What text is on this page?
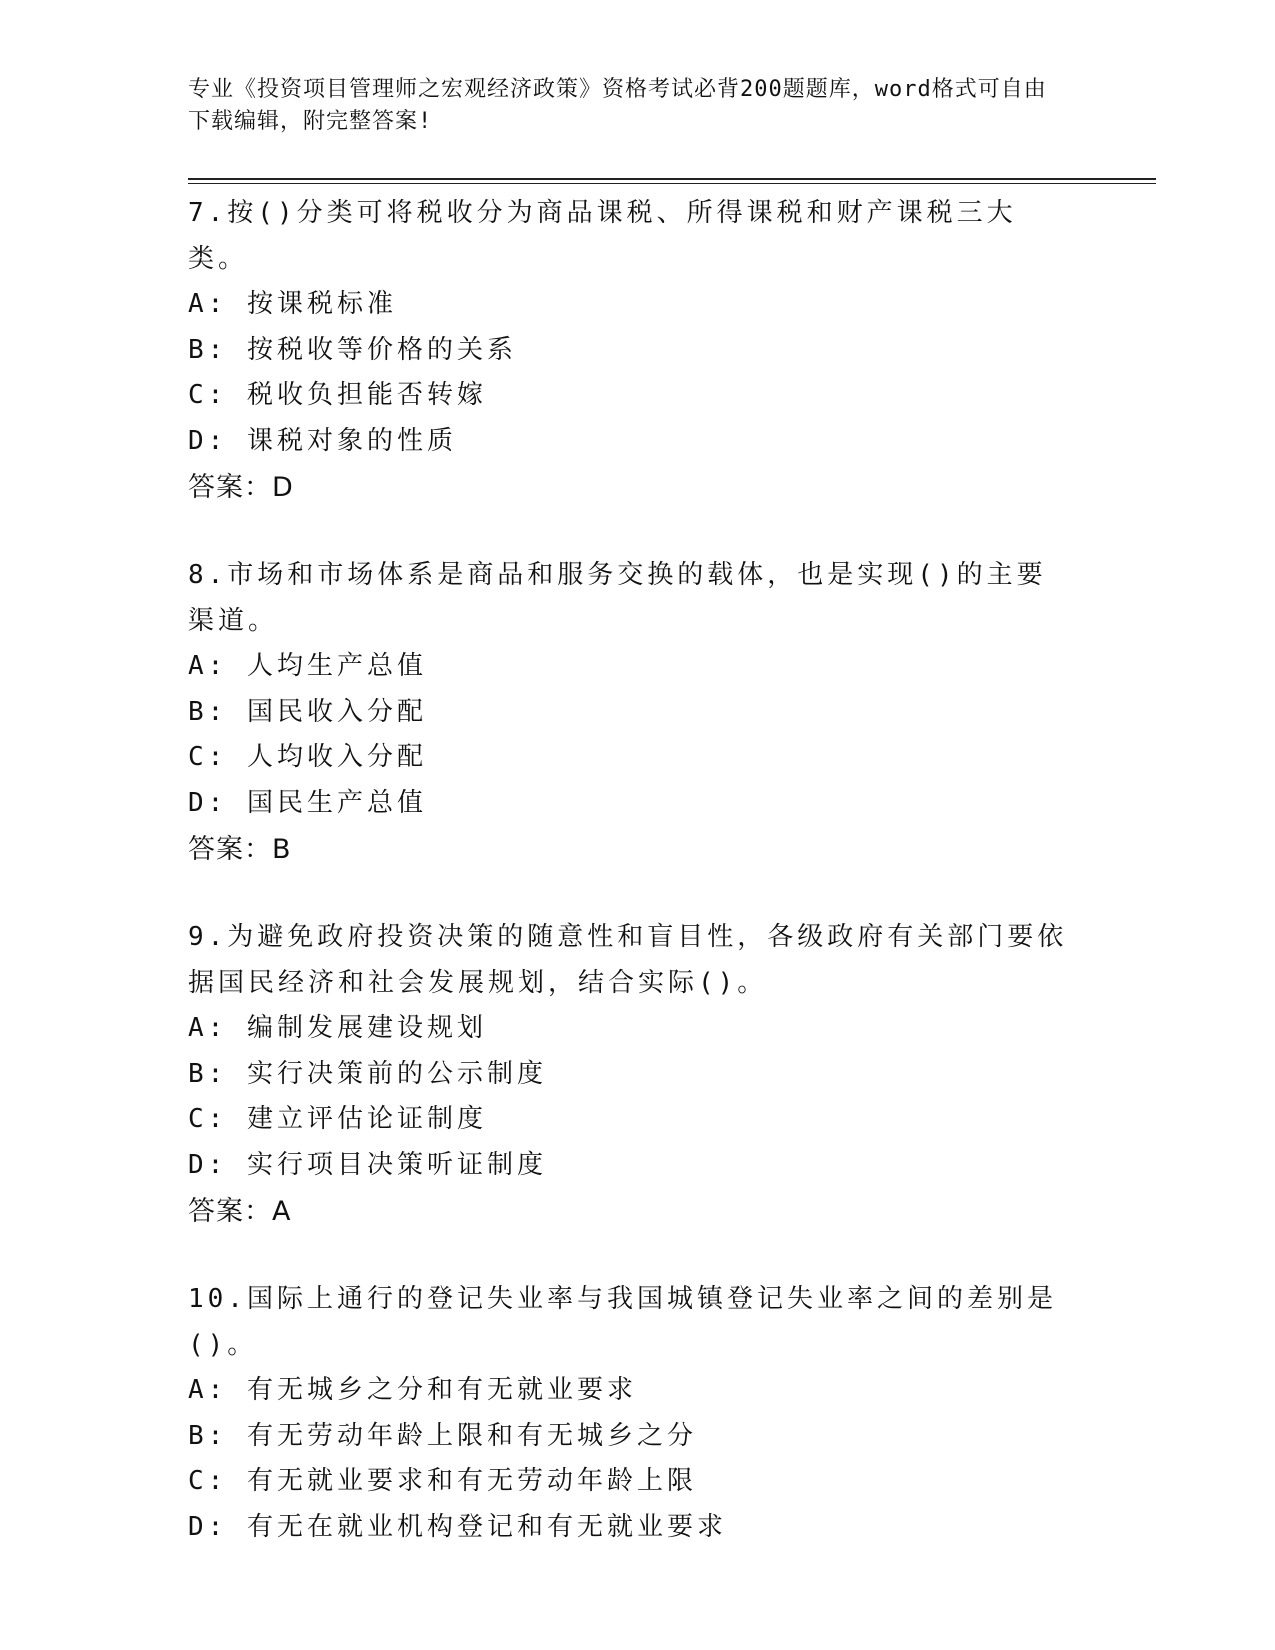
专业《投资项目管理师之宏观经济政策》资格考试必背200题题库，word格式可自由下载编辑，附完整答案!
7.按()分类可将税收分为商品课税、所得课税和财产课税三大类。
A: 按课税标准
B: 按税收等价格的关系
C: 税收负担能否转嫁
D: 课税对象的性质
答案：D
8.市场和市场体系是商品和服务交换的载体，也是实现()的主要渠道。
A: 人均生产总值
B: 国民收入分配
C: 人均收入分配
D: 国民生产总值
答案：B
9.为避免政府投资决策的随意性和盲目性，各级政府有关部门要依据国民经济和社会发展规划，结合实际()。
A: 编制发展建设规划
B: 实行决策前的公示制度
C: 建立评估论证制度
D: 实行项目决策听证制度
答案：A
10.国际上通行的登记失业率与我国城镇登记失业率之间的差别是()。
A: 有无城乡之分和有无就业要求
B: 有无劳动年龄上限和有无城乡之分
C: 有无就业要求和有无劳动年龄上限
D: 有无在就业机构登记和有无就业要求
